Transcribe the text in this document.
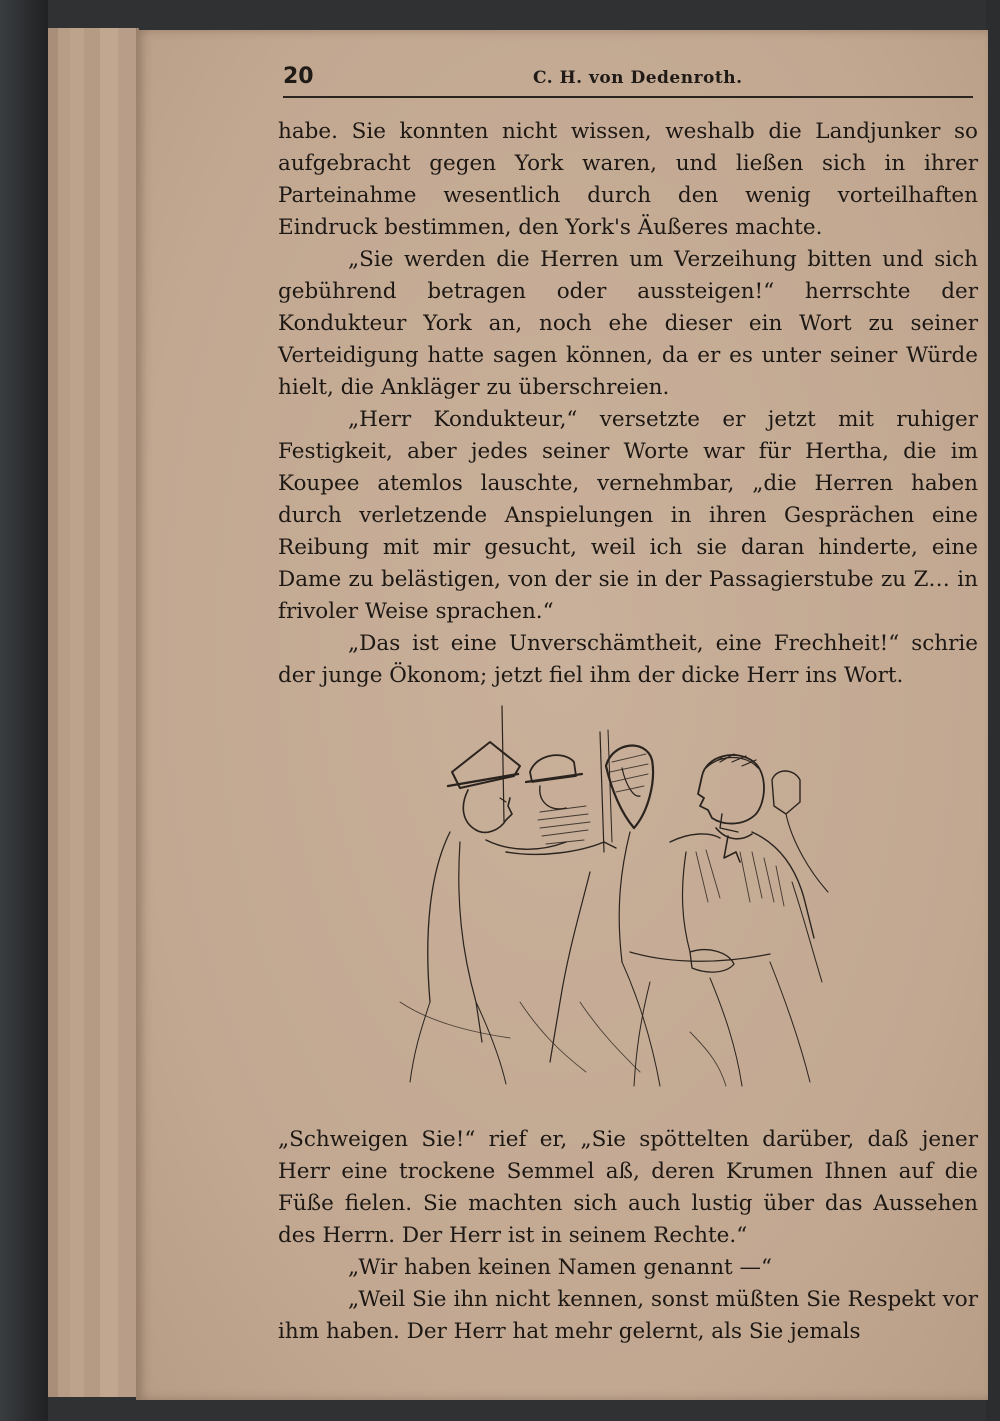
20	C. H. von Dedenroth.

habe. Sie konnten nicht wissen, weshalb die Landjunker so aufgebracht gegen York waren, und ließen sich in ihrer Parteinahme wesentlich durch den wenig vorteilhaften Eindruck bestimmen, den York's Äußeres machte.

„Sie werden die Herren um Verzeihung bitten und sich gebührend betragen oder aussteigen!“ herrschte der Kondukteur York an, noch ehe dieser ein Wort zu seiner Verteidigung hatte sagen können, da er es unter seiner Würde hielt, die Ankläger zu überschreien.

„Herr Kondukteur,“ versetzte er jetzt mit ruhiger Festigkeit, aber jedes seiner Worte war für Hertha, die im Koupee atemlos lauschte, vernehmbar, „die Herren haben durch verletzende Anspielungen in ihren Gesprächen eine Reibung mit mir gesucht, weil ich sie daran hinderte, eine Dame zu belästigen, von der sie in der Passagierstube zu Z… in frivoler Weise sprachen.“

„Das ist eine Unverschämtheit, eine Frechheit!“ schrie der junge Ökonom; jetzt fiel ihm der dicke Herr ins Wort.

„Schweigen Sie!“ rief er, „Sie spöttelten darüber, daß jener Herr eine trockene Semmel aß, deren Krumen Ihnen auf die Füße fielen. Sie machten sich auch lustig über das Aussehen des Herrn. Der Herr ist in seinem Rechte.“

„Wir haben keinen Namen genannt —“

„Weil Sie ihn nicht kennen, sonst müßten Sie Respekt vor ihm haben. Der Herr hat mehr gelernt, als Sie jemals
